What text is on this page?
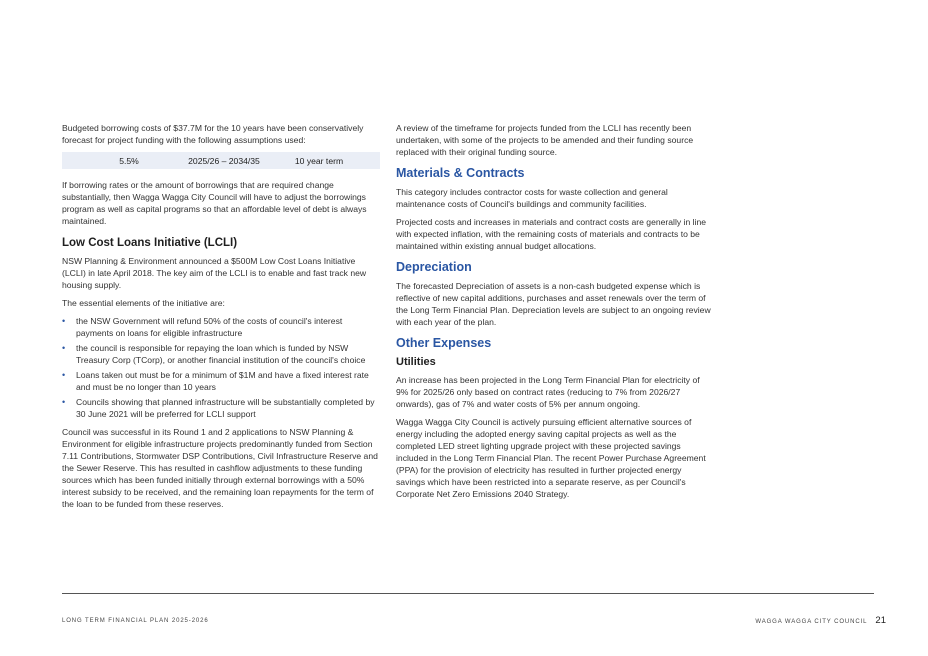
Budgeted borrowing costs of $37.7M for the 10 years have been conservatively forecast for project funding with the following assumptions used:

5.5%	2025/26 – 2034/35	10 year term

If borrowing rates or the amount of borrowings that are required change substantially, then Wagga Wagga City Council will have to adjust the borrowings program as well as capital programs so that an affordable level of debt is always maintained.

Low Cost Loans Initiative (LCLI)

NSW Planning & Environment announced a $500M Low Cost Loans Initiative (LCLI) in late April 2018. The key aim of the LCLI is to enable and fast track new housing supply.

The essential elements of the initiative are:

• the NSW Government will refund 50% of the costs of council's interest payments on loans for eligible infrastructure
• the council is responsible for repaying the loan which is funded by NSW Treasury Corp (TCorp), or another financial institution of the council's choice
• Loans taken out must be for a minimum of $1M and have a fixed interest rate and must be no longer than 10 years
• Councils showing that planned infrastructure will be substantially completed by 30 June 2021 will be preferred for LCLI support

Council was successful in its Round 1 and 2 applications to NSW Planning & Environment for eligible infrastructure projects predominantly funded from Section 7.11 Contributions, Stormwater DSP Contributions, Civil Infrastructure Reserve and the Sewer Reserve. This has resulted in cashflow adjustments to these funding sources which has been funded initially through external borrowings with a 50% interest subsidy to be received, and the remaining loan repayments for the term of the loan to be funded from these reserves.

A review of the timeframe for projects funded from the LCLI has recently been undertaken, with some of the projects to be amended and their funding source replaced with their original funding source.

Materials & Contracts

This category includes contractor costs for waste collection and general maintenance costs of Council's buildings and community facilities.

Projected costs and increases in materials and contract costs are generally in line with expected inflation, with the remaining costs of materials and contracts to be maintained within existing annual budget allocations.

Depreciation

The forecasted Depreciation of assets is a non-cash budgeted expense which is reflective of new capital additions, purchases and asset renewals over the term of the Long Term Financial Plan. Depreciation levels are subject to an ongoing review with each year of the plan.

Other Expenses
Utilities

An increase has been projected in the Long Term Financial Plan for electricity of 9% for 2025/26 only based on contract rates (reducing to 7% from 2026/27 onwards), gas of 7% and water costs of 5% per annum ongoing.

Wagga Wagga City Council is actively pursuing efficient alternative sources of energy including the adopted energy saving capital projects as well as the completed LED street lighting upgrade project with these projected savings included in the Long Term Financial Plan. The recent Power Purchase Agreement (PPA) for the provision of electricity has resulted in further projected energy savings which have been restricted into a separate reserve, as per Council's Corporate Net Zero Emissions 2040 Strategy.

LONG TERM FINANCIAL PLAN 2025-2026	WAGGA WAGGA CITY COUNCIL 21
